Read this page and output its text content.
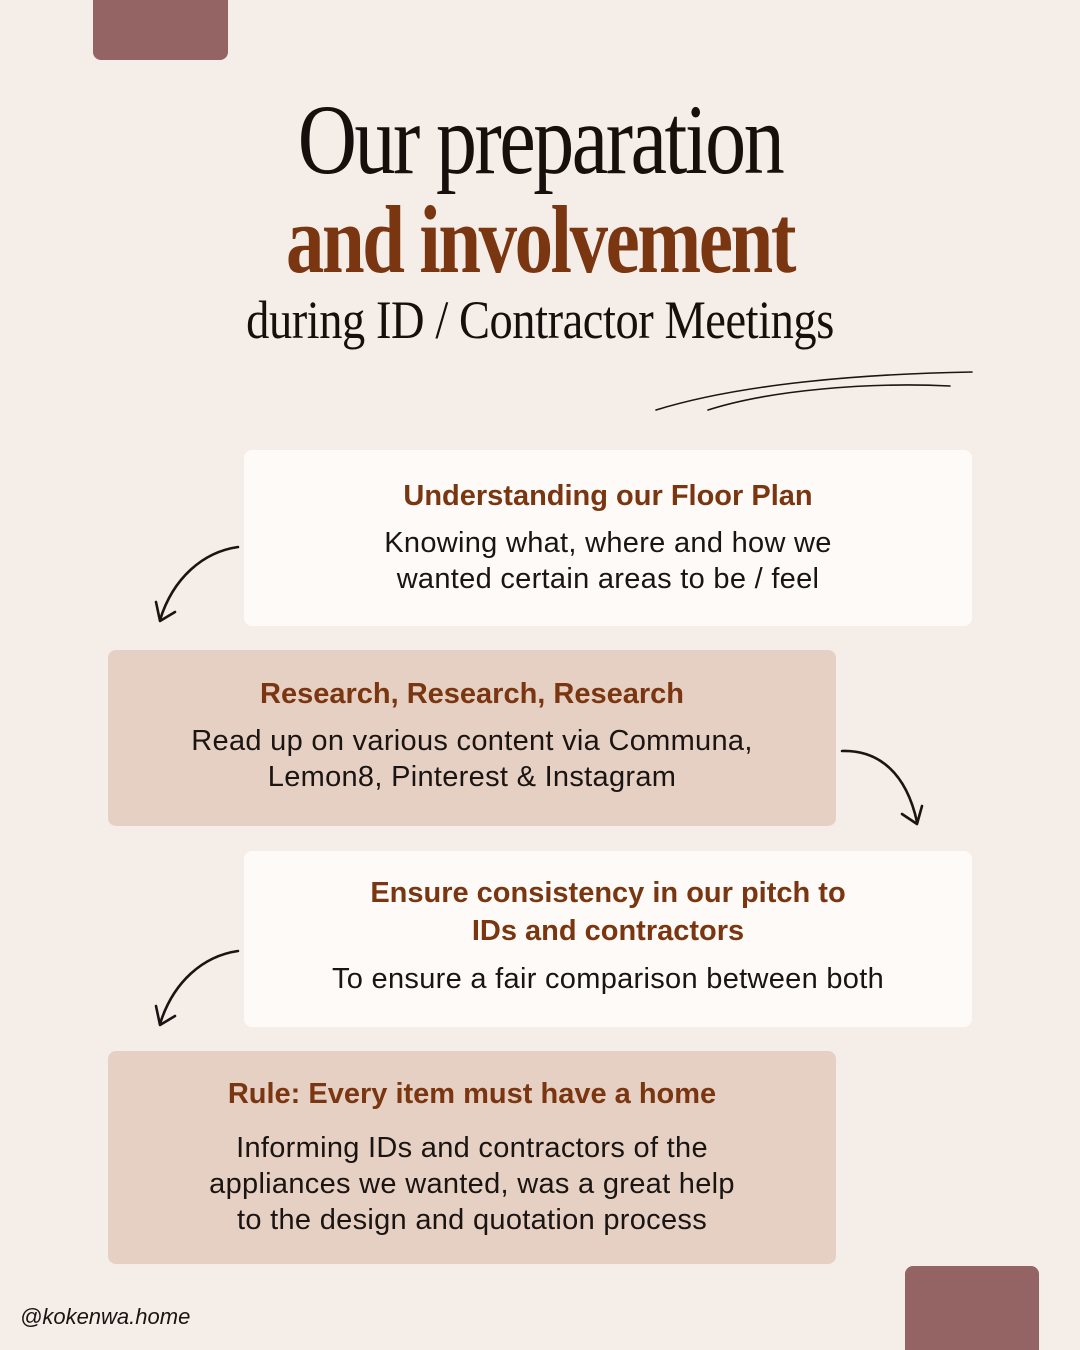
Our preparation
and involvement
during ID / Contractor Meetings
Understanding our Floor Plan
Knowing what, where and how we
wanted certain areas to be / feel
Research, Research, Research
Read up on various content via Communa,
Lemon8, Pinterest & Instagram
Ensure consistency in our pitch to
IDs and contractors
To ensure a fair comparison between both
Rule: Every item must have a home
Informing IDs and contractors of the
appliances we wanted, was a great help
to the design and quotation process
@kokenwa.home
